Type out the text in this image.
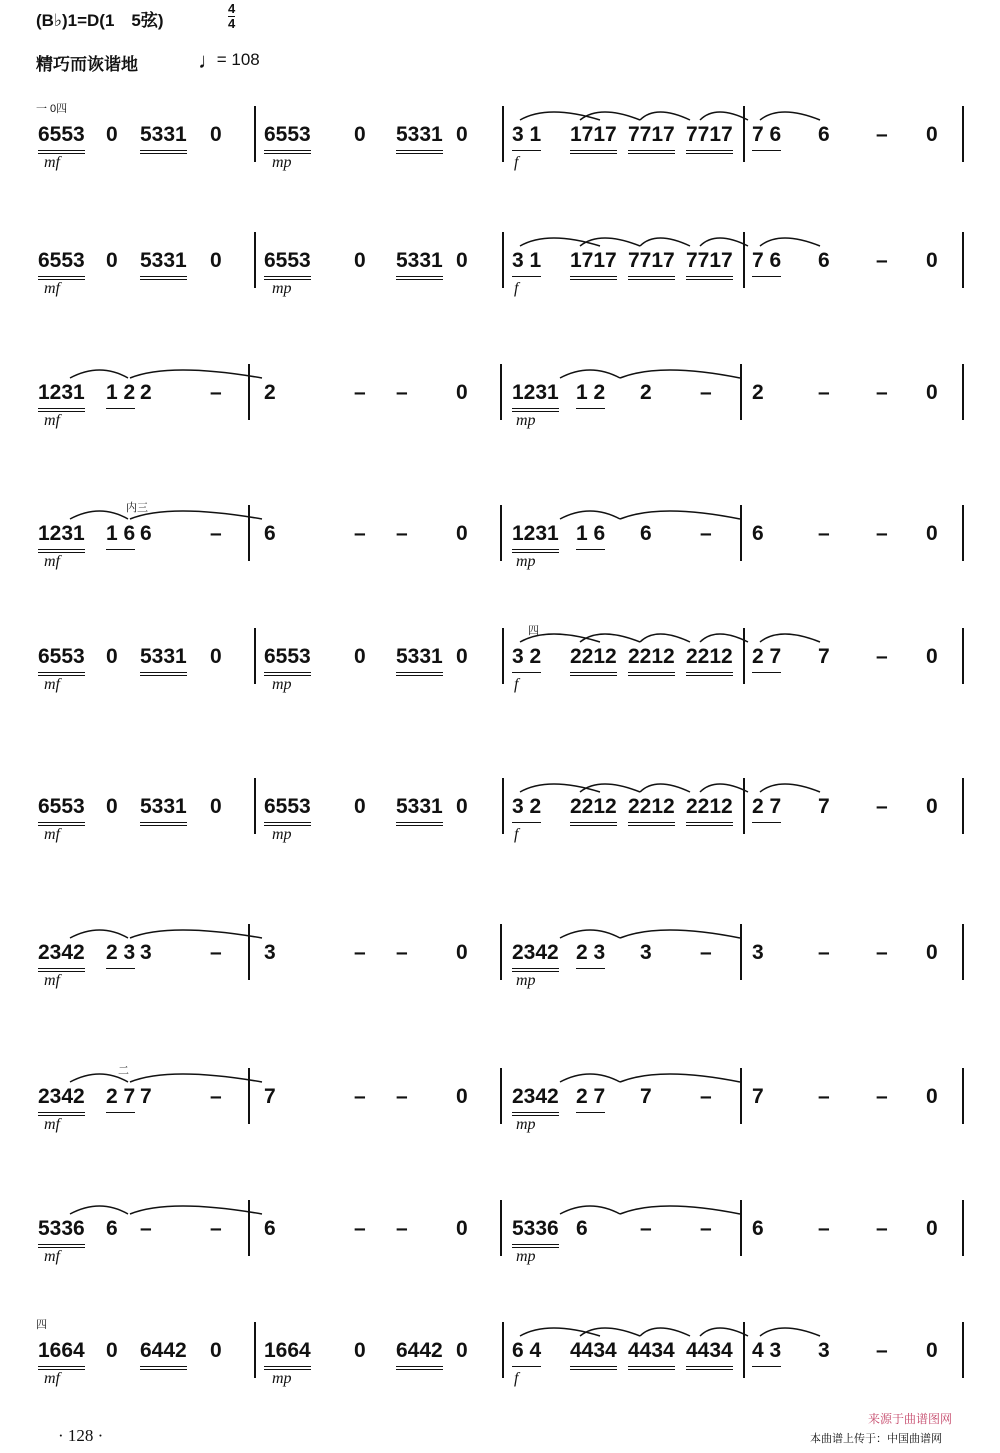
(B♭)1=D(1　5弦)
4
4
精巧而诙谐地	♩ = 108
6553 0 5331 0 6553 0 5331 0 3 1 1717 7717 7717 7 6 6 – 0
mf	mp	f
一 0四
6553 0 5331 0 6553 0 5331 0 3 1 1717 7717 7717 7 6 6 – 0
mf	mp	f
1231 1 2 2	– 2	– – 0 1231 1 2 2 – 2	– – 0
mf	mp
1231 1 6 6	– 6	– – 0 1231 1 6 6 – 6	– – 0
mf	mp
内三
6553 0 5331 0 6553 0 5331 0 3 2 2212 2212 2212 2 7 7 – 0
mf	mp	f
四
6553 0 5331 0 6553 0 5331 0 3 2 2212 2212 2212 2 7 7 – 0
mf	mp	f
2342 2 3 3	– 3	– – 0 2342 2 3 3 – 3	– – 0
mf	mp
2342 2 7 7	– 7	– – 0 2342 2 7 7 – 7	– – 0
mf	mp
二
5336 6 –	– 6	– – 0 5336 6 – – 6	– – 0
mf	mp
1664 0 6442 0 1664 0 6442 0 6 4 4434 4434 4434 4 3 3 – 0
mf	mp	f
四
· 128 ·
来源于曲谱图网
本曲谱上传于：中国曲谱网
